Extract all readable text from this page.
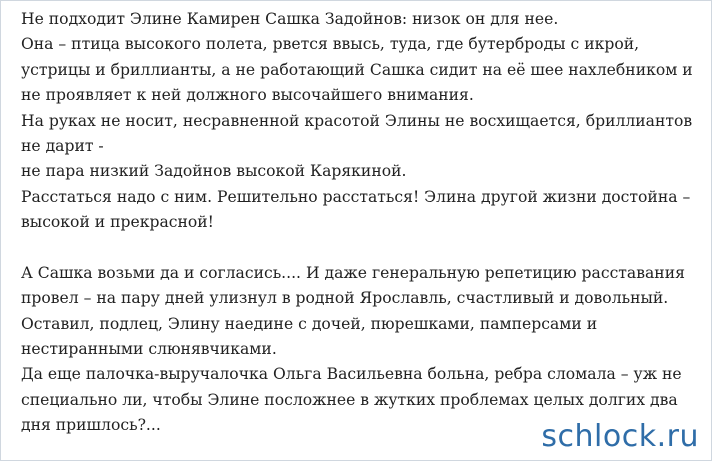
Не подходит Элине Камирен Сашка Задойнов: низок он для нее.
Она – птица высокого полета, рвется ввысь, туда, где бутерброды с икрой,
устрицы и бриллианты, а не работающий Сашка сидит на её шее нахлебником и
не проявляет к ней должного высочайшего внимания.
На руках не носит, несравненной красотой Элины не восхищается, бриллиантов
не дарит -
не пара низкий Задойнов высокой Карякиной.
Расстаться надо с ним. Решительно расстаться! Элина другой жизни достойна –
высокой и прекрасной!
А Сашка возьми да и согласись.... И даже генеральную репетицию расставания
провел – на пару дней улизнул в родной Ярославль, счастливый и довольный.
Оставил, подлец, Элину наедине с дочей, пюрешками, памперсами и
нестиранными слюнявчиками.
Да еще палочка-выручалочка Ольга Васильевна больна, ребра сломала – уж не
специально ли, чтобы Элине посложнее в жутких проблемах целых долгих два
дня пришлось?...	schlock.ru
